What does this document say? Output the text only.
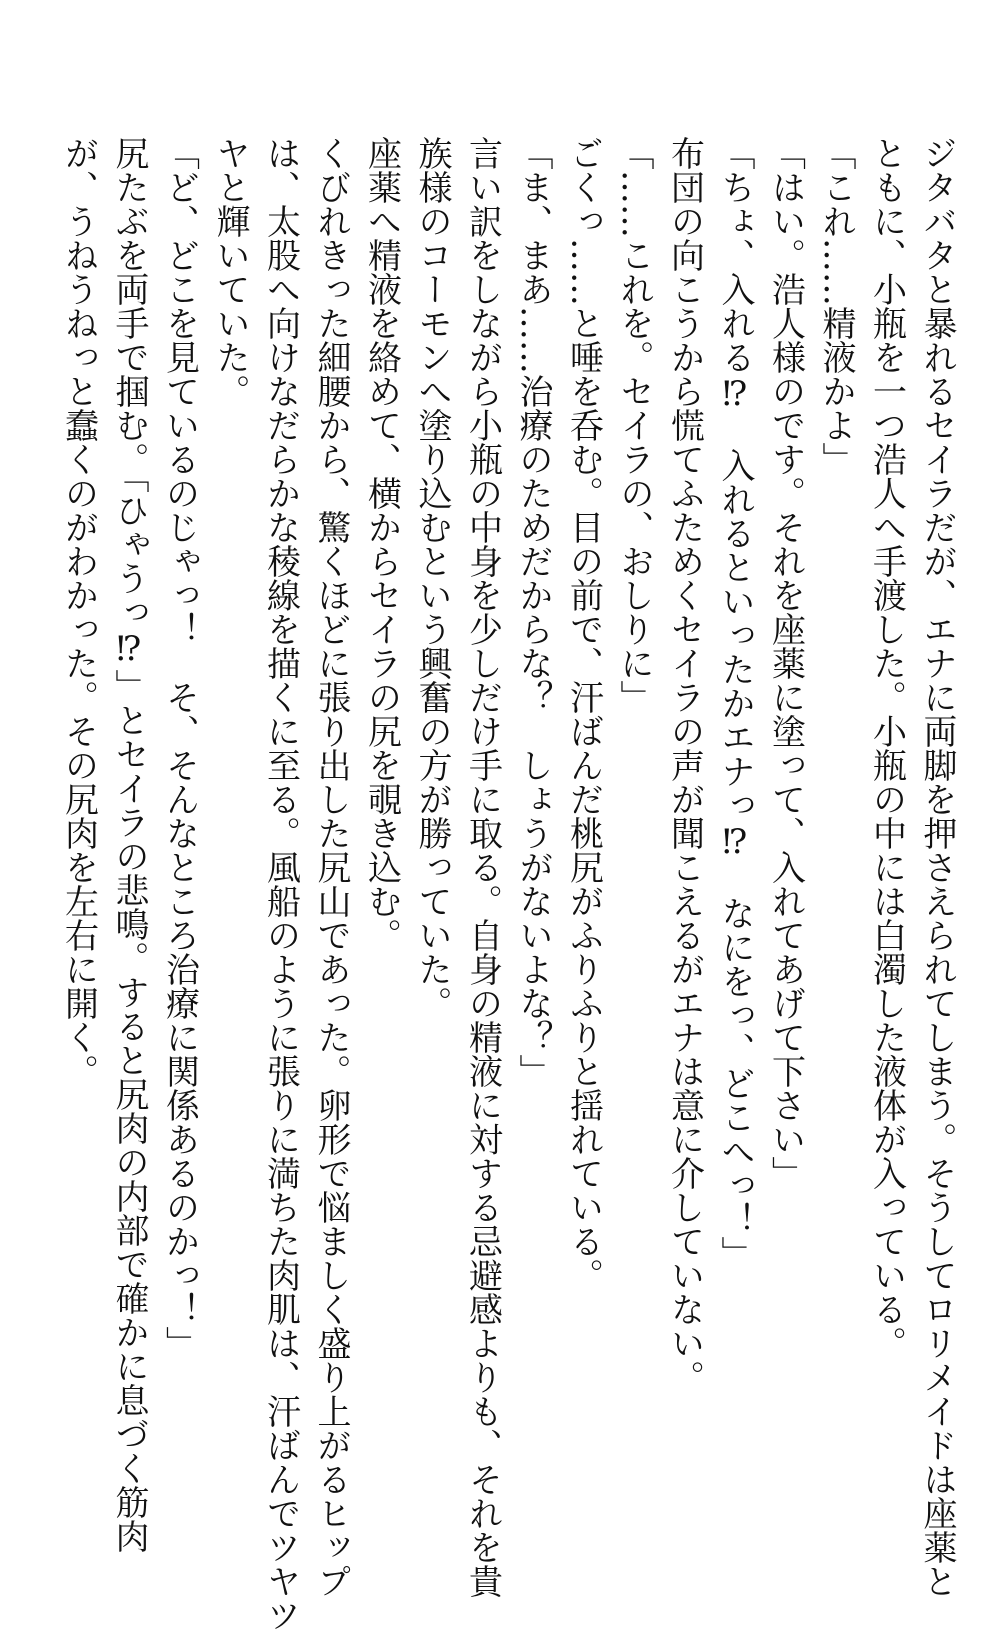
ジタバタと暴れるセイラだが、エナに両脚を押さえられてしまう。そうしてロリメイドは座薬と
ともに、小瓶を一つ浩人へ手渡した。小瓶の中には白濁した液体が入っている。
「これ……精液かよ」
「はい。浩人様のです。それを座薬に塗って、入れてあげて下さい」
「ちょ、入れる⁉　入れるといったかエナっ⁉　なにをっ、どこへっ！」
布団の向こうから慌てふためくセイラの声が聞こえるがエナは意に介していない。
「……これを。セイラの、おしりに」
ごくっ……と唾を呑む。目の前で、汗ばんだ桃尻がふりふりと揺れている。
「ま、まあ……治療のためだからな？　しょうがないよな？」
言い訳をしながら小瓶の中身を少しだけ手に取る。自身の精液に対する忌避感よりも、それを貴
族様のコーモンへ塗り込むという興奮の方が勝っていた。
座薬へ精液を絡めて、横からセイラの尻を覗き込む。
くびれきった細腰から、驚くほどに張り出した尻山であった。卵形で悩ましく盛り上がるヒップ
は、太股へ向けなだらかな稜線を描くに至る。風船のように張りに満ちた肉肌は、汗ばんでツヤツ
ヤと輝いていた。
「ど、どこを見ているのじゃっ！　そ、そんなところ治療に関係あるのかっ！」
尻たぶを両手で掴む。「ひゃうっ⁉」とセイラの悲鳴。すると尻肉の内部で確かに息づく筋肉
が、うねうねっと蠢くのがわかった。その尻肉を左右に開く。
